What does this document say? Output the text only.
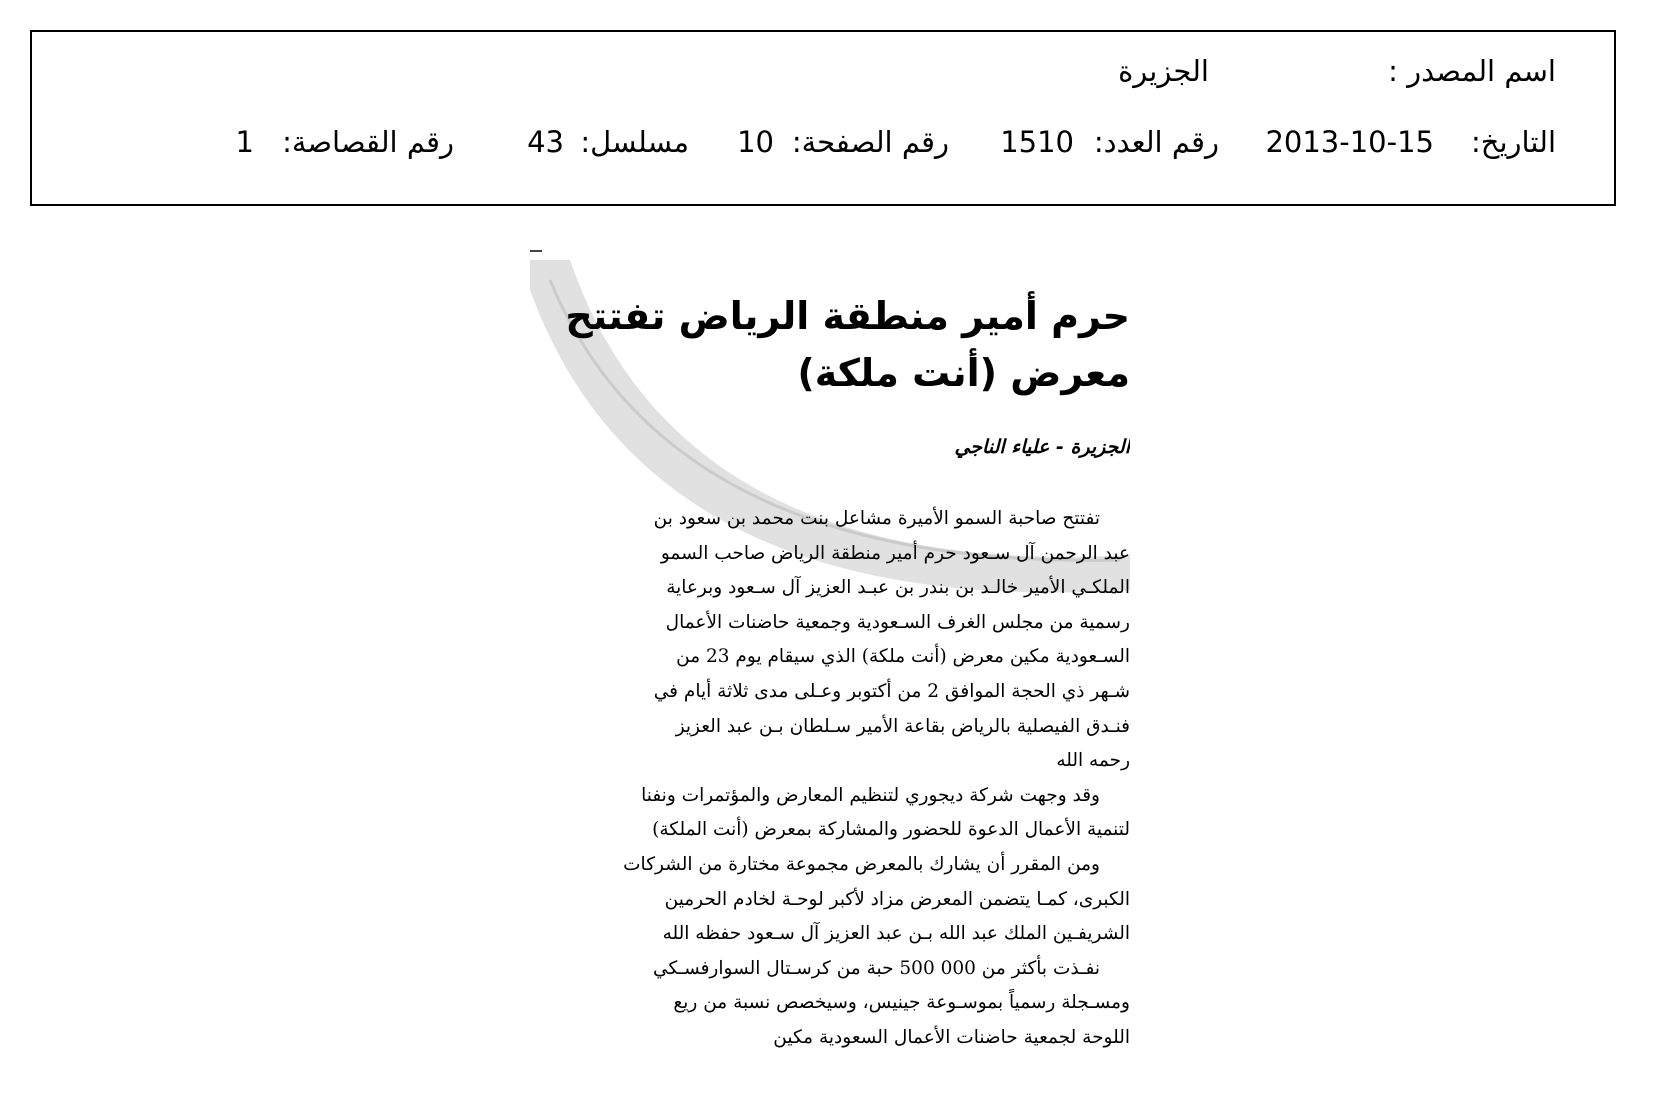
اسم المصدر :
الجزيرة
التاريخ:
2013-10-15
رقم العدد:
1510
رقم الصفحة:
10
مسلسل:
43
رقم القصاصة:
1
حرم أمير منطقة الرياض تفتتح
معرض (أنت ملكة)
الجزيرة - علياء الناجي
تفتتح صاحبة السمو الأميرة مشاعل بنت محمد بن سعود بن
عبد الرحمن آل سـعود حرم أمير منطقة الرياض صاحب السمو
الملكـي الأمير خالـد بن بندر بن عبـد العزيز آل سـعود وبرعاية
رسمية من مجلس الغرف السـعودية وجمعية حاضنات الأعمال
السـعودية مكين معرض (أنت ملكة) الذي سيقام يوم 23 من
شـهر ذي الحجة الموافق 2 من أكتوبر وعـلى مدى ثلاثة أيام في
فنـدق الفيصلية بالرياض بقاعة الأمير سـلطان بـن عبد العزيز
رحمه الله
وقد وجهت شركة ديجوري لتنظيم المعارض والمؤتمرات ونفنا
لتنمية الأعمال الدعوة للحضور والمشاركة بمعرض (أنت الملكة)
ومن المقرر أن يشارك بالمعرض مجموعة مختارة من الشركات
الكبرى، كمـا يتضمن المعرض مزاد لأكبر لوحـة لخادم الحرمين
الشريفـين الملك عبد الله بـن عبد العزيز آل سـعود حفظه الله
نفـذت بأكثر من 000 500 حبة من كرسـتال السوارفسـكي
ومسـجلة رسمياً بموسـوعة جينيس، وسيخصص نسبة من ريع
اللوحة لجمعية حاضنات الأعمال السعودية مكين
